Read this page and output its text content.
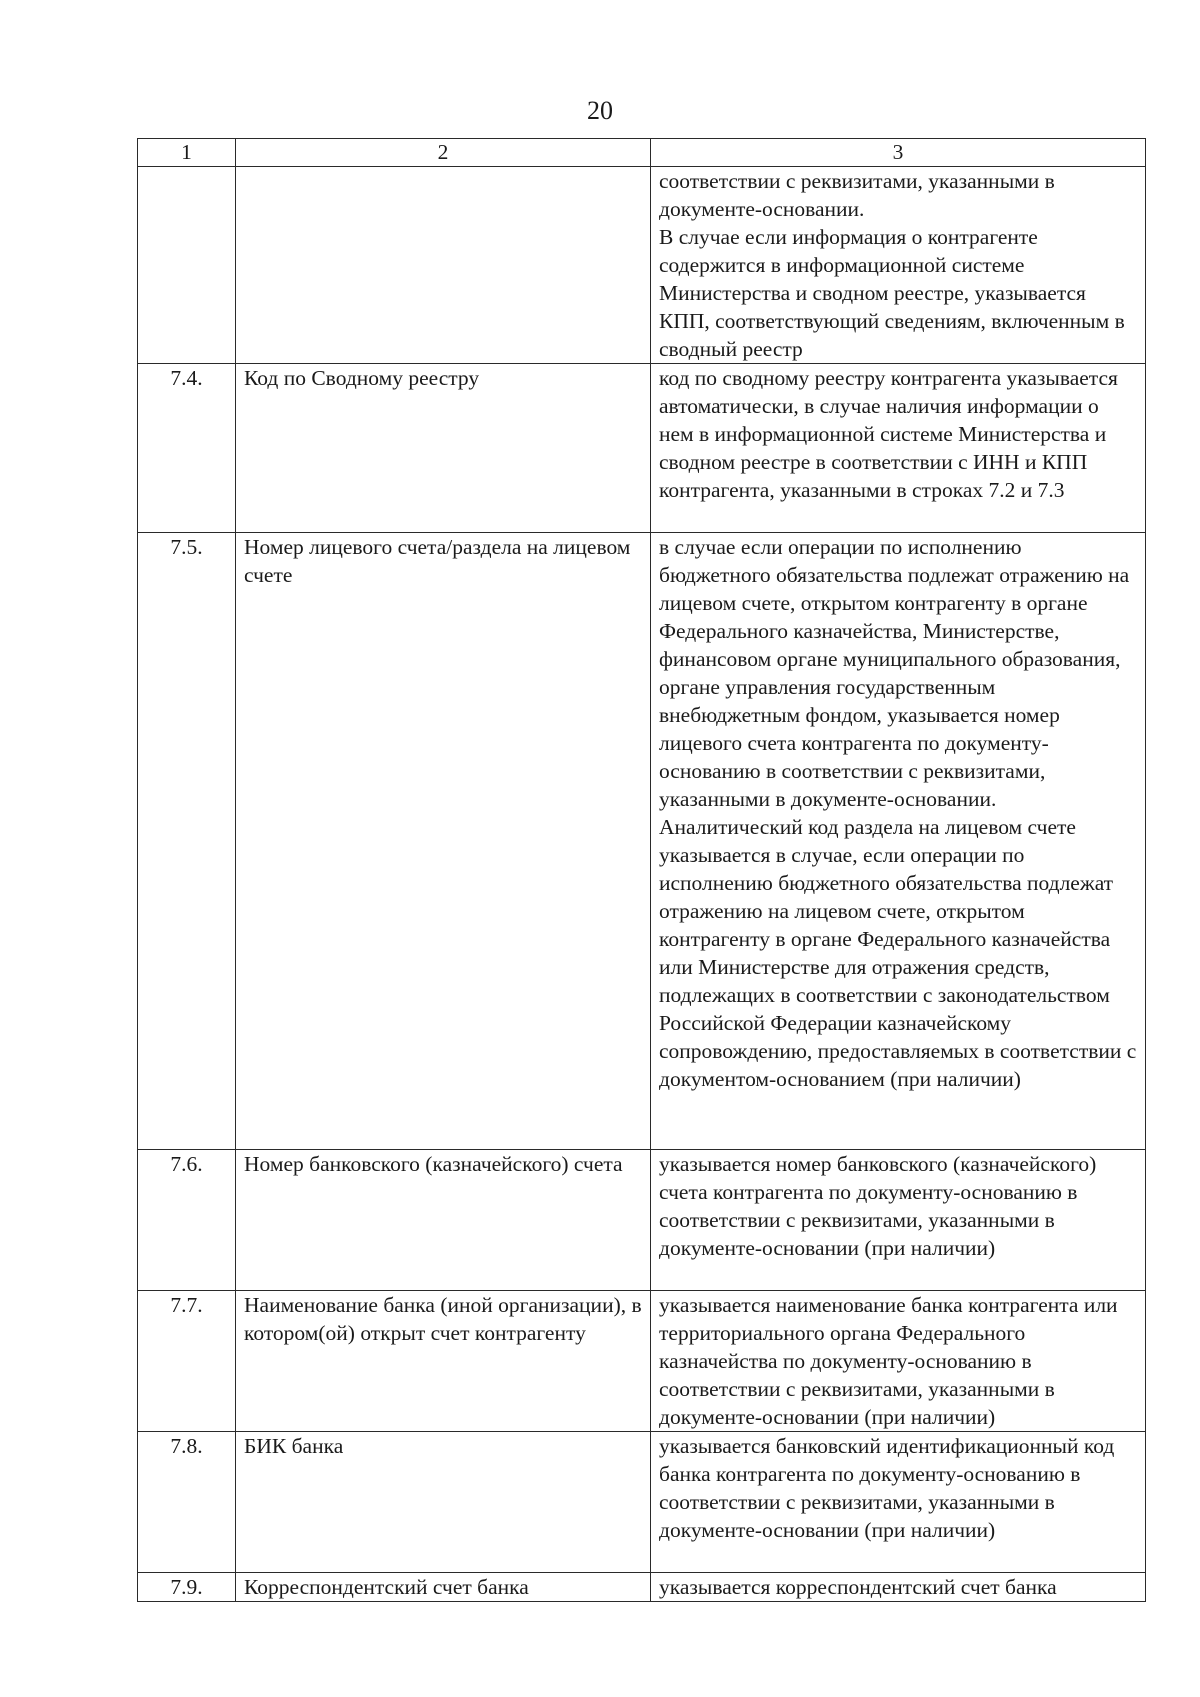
20
1	2	3

		соответствии с реквизитами, указанными в документе-основании.

В случае если информация о контрагенте содержится в информационной системе Министерства и сводном реестре, указывается КПП, соответствующий сведениям, включенным в сводный реестр

7.4.	Код по Сводному реестру	код по сводному реестру контрагента указывается автоматически, в случае наличия информации о нем в информационной системе Министерства и сводном реестре в соответствии с ИНН и КПП контрагента, указанными в строках 7.2 и 7.3

7.5.	Номер лицевого счета/раздела на лицевом счете	в случае если операции по исполнению бюджетного обязательства подлежат отражению на лицевом счете, открытом контрагенту в органе Федерального казначейства, Министерстве, финансовом органе муниципального образования, органе управления государственным внебюджетным фондом, указывается номер лицевого счета контрагента по документу-основанию в соответствии с реквизитами, указанными в документе-основании.

Аналитический код раздела на лицевом счете указывается в случае, если операции по исполнению бюджетного обязательства подлежат отражению на лицевом счете, открытом контрагенту в органе Федерального казначейства или Министерстве для отражения средств, подлежащих в соответствии с законодательством Российской Федерации казначейскому сопровождению, предоставляемых в соответствии с документом-основанием (при наличии)

7.6.	Номер банковского (казначейского) счета	указывается номер банковского (казначейского) счета контрагента по документу-основанию в соответствии с реквизитами, указанными в документе-основании (при наличии)

7.7.	Наименование банка (иной организации), в котором(ой) открыт счет контрагенту	указывается наименование банка контрагента или территориального органа Федерального казначейства по документу-основанию в соответствии с реквизитами, указанными в документе-основании (при наличии)

7.8.	БИК банка	указывается банковский идентификационный код банка контрагента по документу-основанию в соответствии с реквизитами, указанными в документе-основании (при наличии)

7.9.	Корреспондентский счет банка	указывается корреспондентский счет банка
